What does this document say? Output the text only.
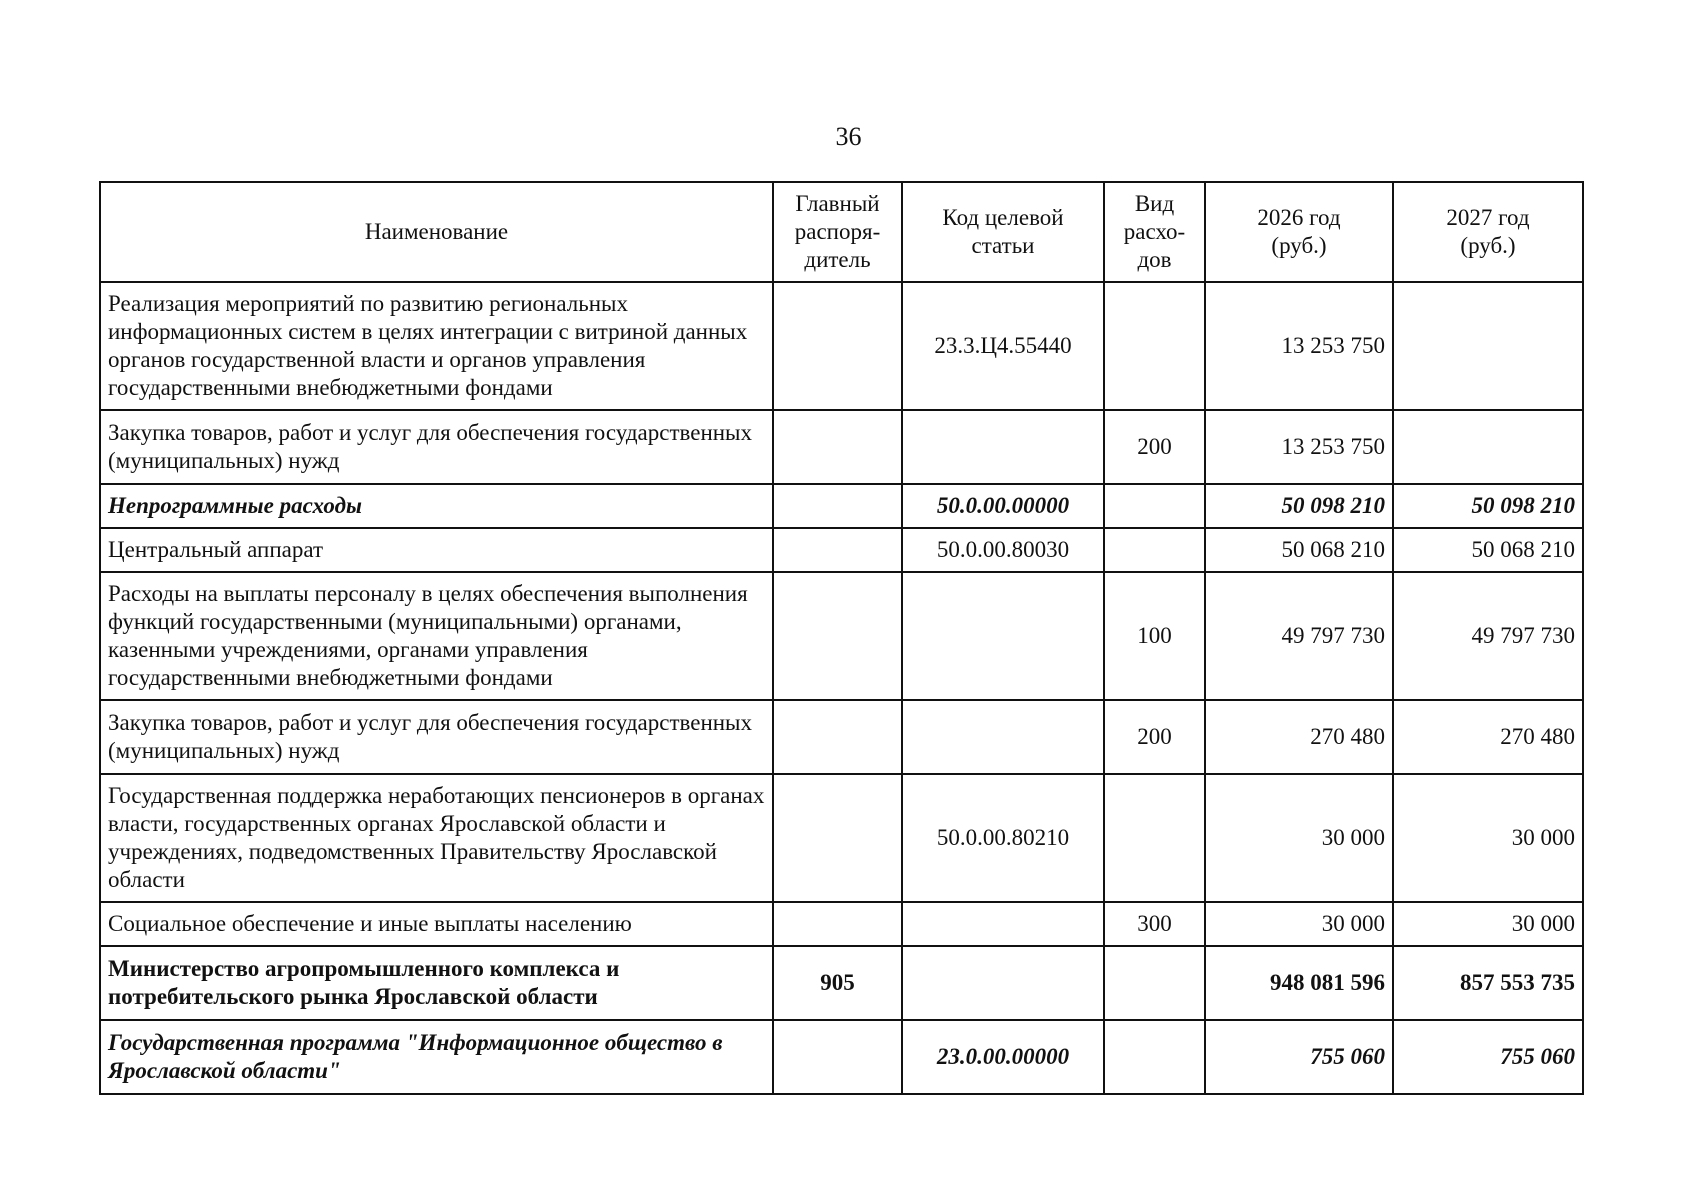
36
Наименование	Главный распоря-дитель	Код целевой статьи	Вид расхо-дов	2026 год (руб.)	2027 год (руб.)
Реализация мероприятий по развитию региональных информационных систем в целях интеграции с витриной данных органов государственной власти и органов управления государственными внебюджетными фондами		23.3.Ц4.55440		13 253 750	
Закупка товаров, работ и услуг для обеспечения государственных (муниципальных) нужд			200	13 253 750	
Непрограммные расходы		50.0.00.00000		50 098 210	50 098 210
Центральный аппарат		50.0.00.80030		50 068 210	50 068 210
Расходы на выплаты персоналу в целях обеспечения выполнения функций государственными (муниципальными) органами, казенными учреждениями, органами управления государственными внебюджетными фондами			100	49 797 730	49 797 730
Закупка товаров, работ и услуг для обеспечения государственных (муниципальных) нужд			200	270 480	270 480
Государственная поддержка неработающих пенсионеров в органах власти, государственных органах Ярославской области и учреждениях, подведомственных Правительству Ярославской области		50.0.00.80210		30 000	30 000
Социальное обеспечение и иные выплаты населению			300	30 000	30 000
Министерство агропромышленного комплекса и потребительского рынка Ярославской области	905			948 081 596	857 553 735
Государственная программа "Информационное общество в Ярославской области"		23.0.00.00000		755 060	755 060
